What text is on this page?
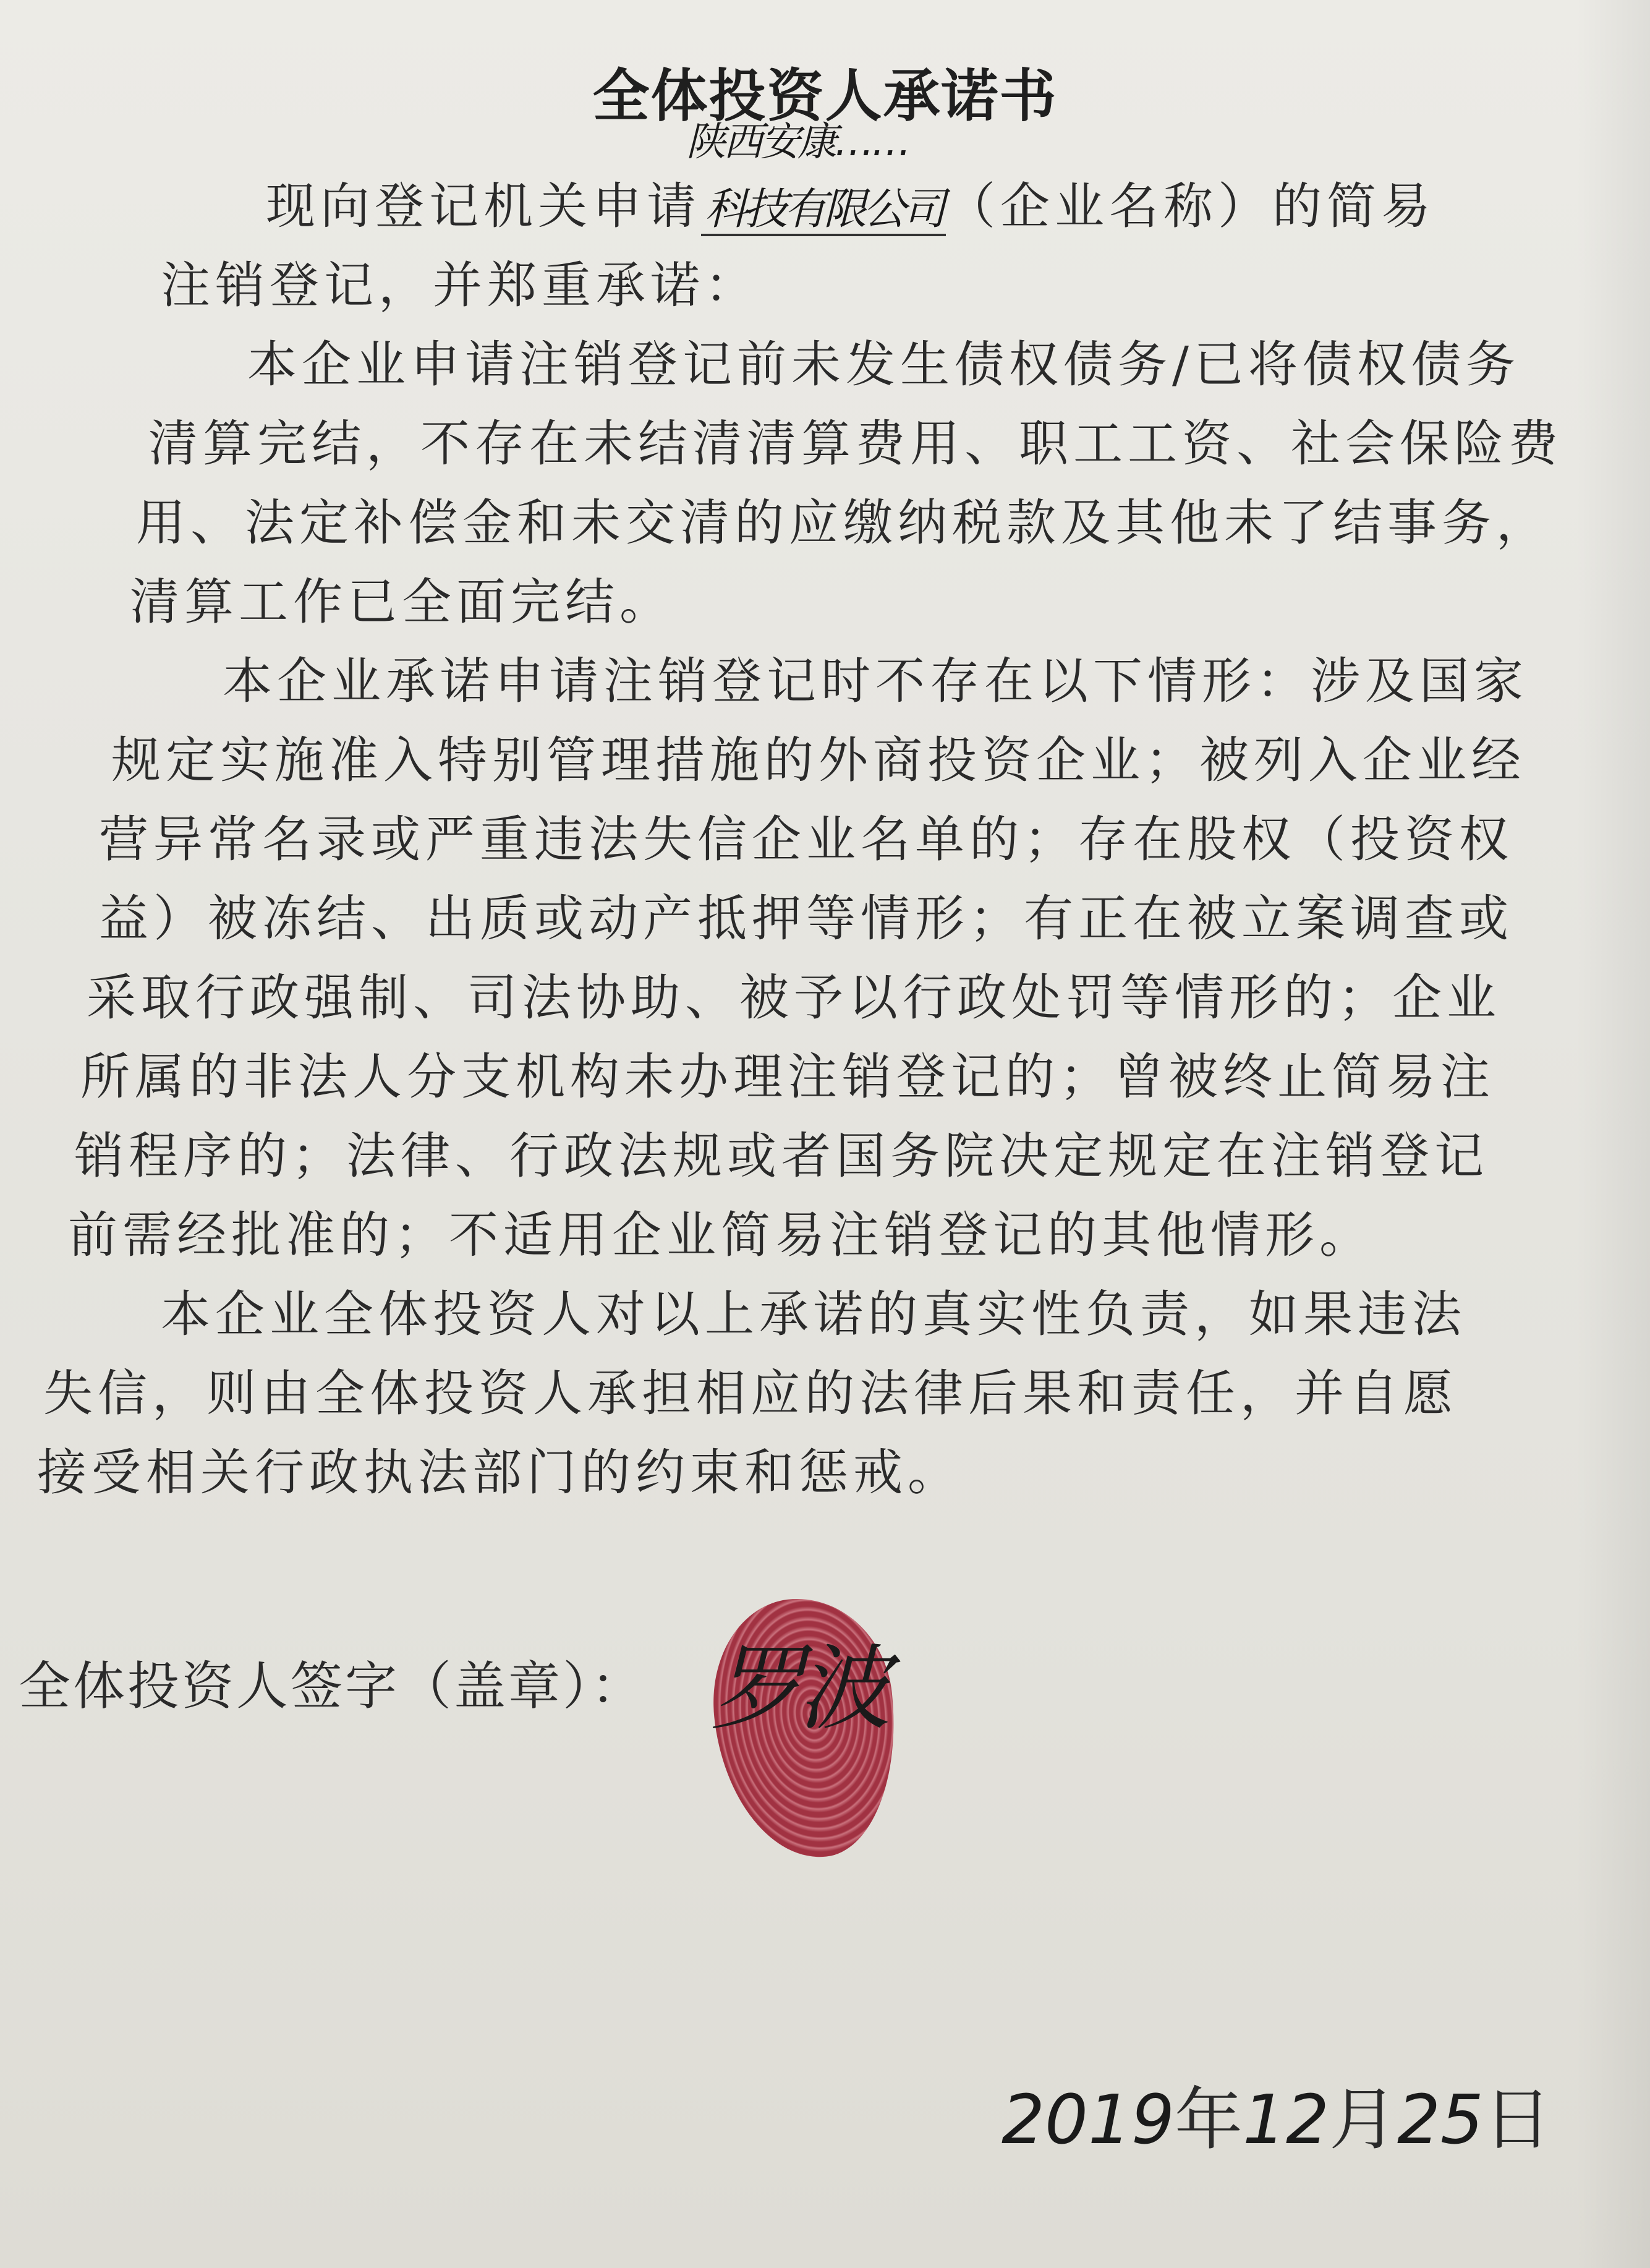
全体投资人承诺书
陕西安康……
现向登记机关申请科技有限公司（企业名称）的简易
注销登记，并郑重承诺：
本企业申请注销登记前未发生债权债务/已将债权债务
清算完结，不存在未结清清算费用、职工工资、社会保险费
用、法定补偿金和未交清的应缴纳税款及其他未了结事务，
清算工作已全面完结。
本企业承诺申请注销登记时不存在以下情形：涉及国家
规定实施准入特别管理措施的外商投资企业；被列入企业经
营异常名录或严重违法失信企业名单的；存在股权（投资权
益）被冻结、出质或动产抵押等情形；有正在被立案调查或
采取行政强制、司法协助、被予以行政处罚等情形的；企业
所属的非法人分支机构未办理注销登记的；曾被终止简易注
销程序的；法律、行政法规或者国务院决定规定在注销登记
前需经批准的；不适用企业简易注销登记的其他情形。
本企业全体投资人对以上承诺的真实性负责，如果违法
失信，则由全体投资人承担相应的法律后果和责任，并自愿
接受相关行政执法部门的约束和惩戒。
全体投资人签字（盖章）： 罗波
2019年12月25日
